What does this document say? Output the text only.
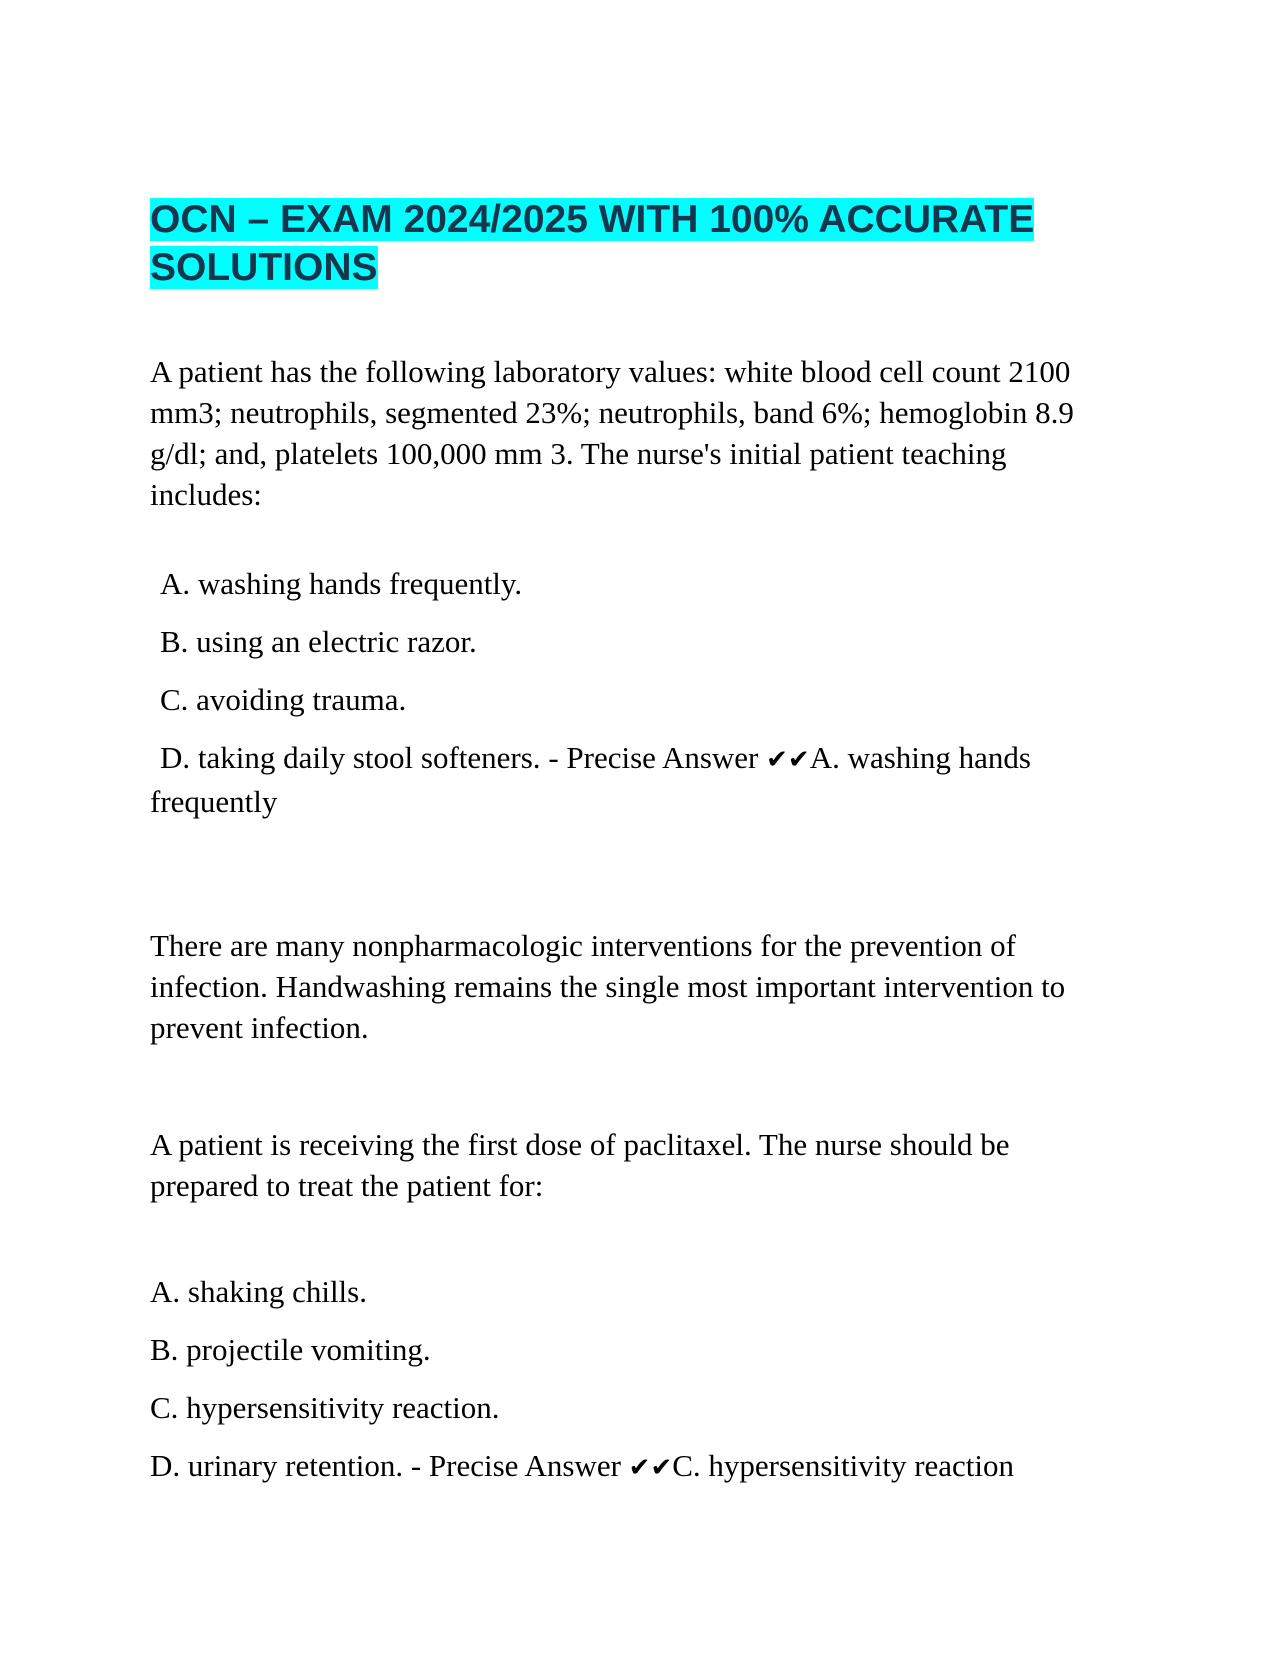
OCN – EXAM 2024/2025 WITH 100% ACCURATE SOLUTIONS

A patient has the following laboratory values: white blood cell count 2100 mm3; neutrophils, segmented 23%; neutrophils, band 6%; hemoglobin 8.9 g/dl; and, platelets 100,000 mm 3. The nurse's initial patient teaching includes:

A. washing hands frequently.

B. using an electric razor.

C. avoiding trauma.

D. taking daily stool softeners. - Precise Answer ✔✔A. washing hands frequently

There are many nonpharmacologic interventions for the prevention of infection. Handwashing remains the single most important intervention to prevent infection.

A patient is receiving the first dose of paclitaxel. The nurse should be prepared to treat the patient for:

A. shaking chills.

B. projectile vomiting.

C. hypersensitivity reaction.

D. urinary retention. - Precise Answer ✔✔C. hypersensitivity reaction
